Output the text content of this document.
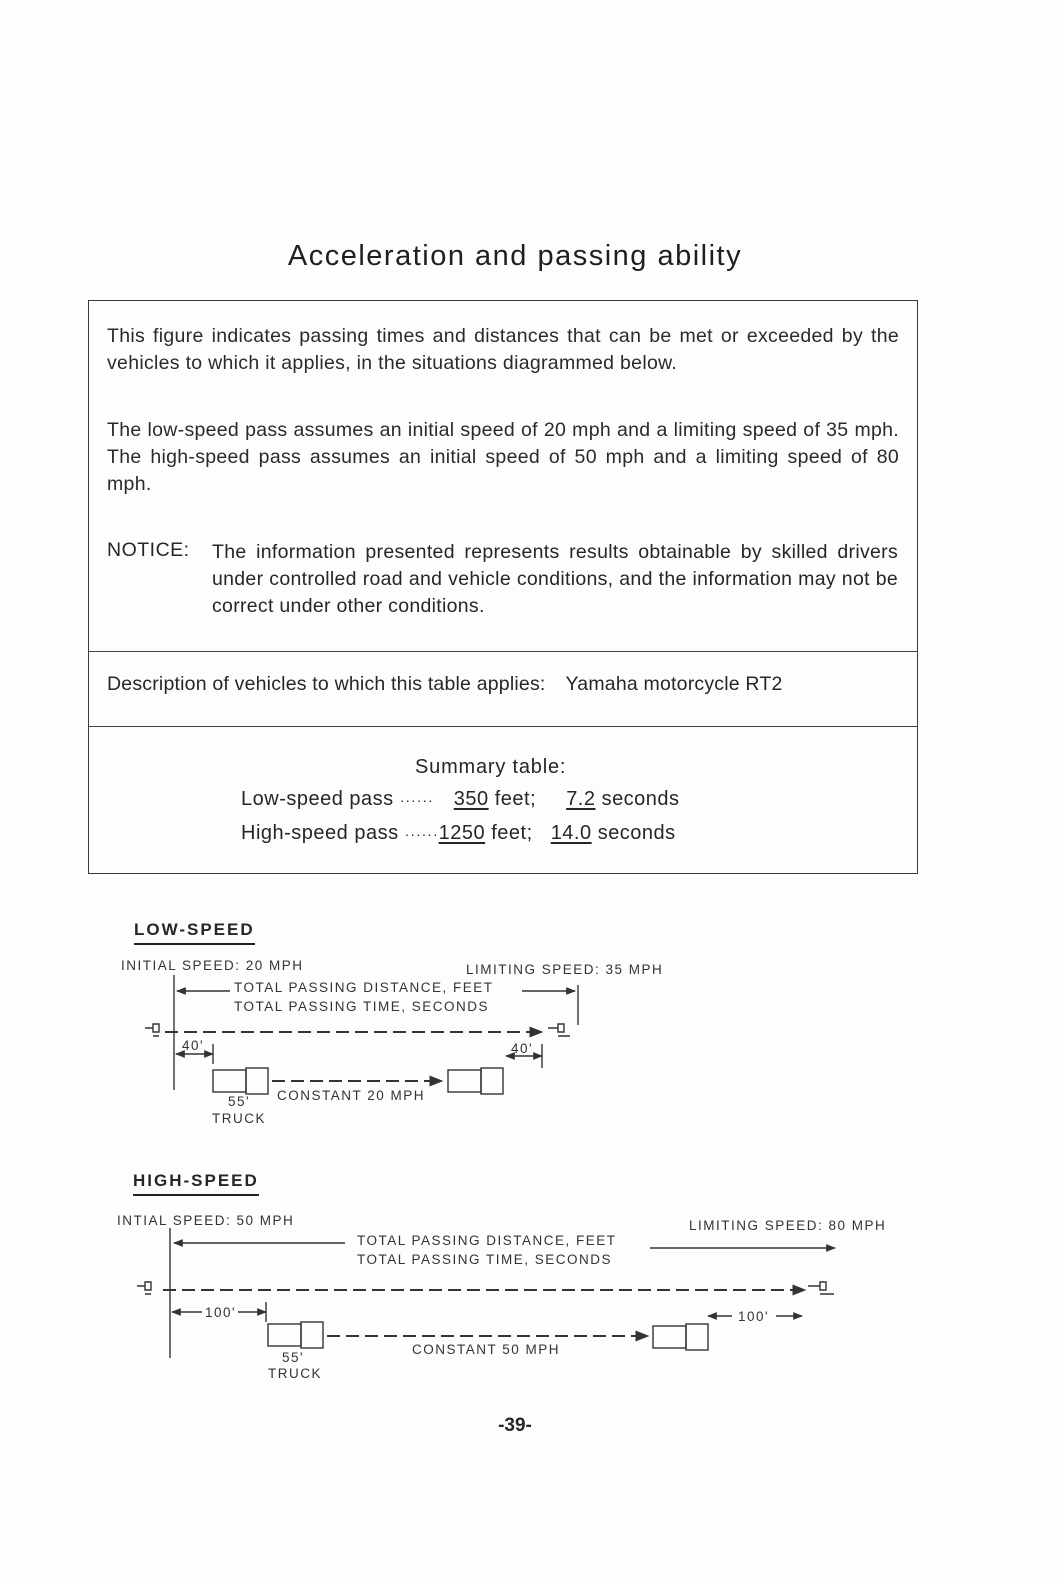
Acceleration and passing ability
This figure indicates passing times and distances that can be met or exceeded by the vehicles to which it applies, in the situations diagrammed below.
The low-speed pass assumes an initial speed of 20 mph and a limiting speed of 35 mph. The high-speed pass assumes an initial speed of 50 mph and a limiting speed of 80 mph.
NOTICE: The information presented represents results obtainable by skilled drivers under controlled road and vehicle conditions, and the information may not be correct under other conditions.
Description of vehicles to which this table applies: Yamaha motorcycle RT2
Summary table:
Low-speed pass ······ 350 feet; 7.2 seconds
High-speed pass ······1250 feet; 14.0 seconds
LOW-SPEED
INITIAL SPEED: 20 MPH	LIMITING SPEED: 35 MPH
TOTAL PASSING DISTANCE, FEET
TOTAL PASSING TIME, SECONDS
40'	40'
55'
TRUCK
CONSTANT 20 MPH
HIGH-SPEED
INTIAL SPEED: 50 MPH	LIMITING SPEED: 80 MPH
TOTAL PASSING DISTANCE, FEET
TOTAL PASSING TIME, SECONDS
100'	100'
55'
TRUCK
CONSTANT 50 MPH
-39-
